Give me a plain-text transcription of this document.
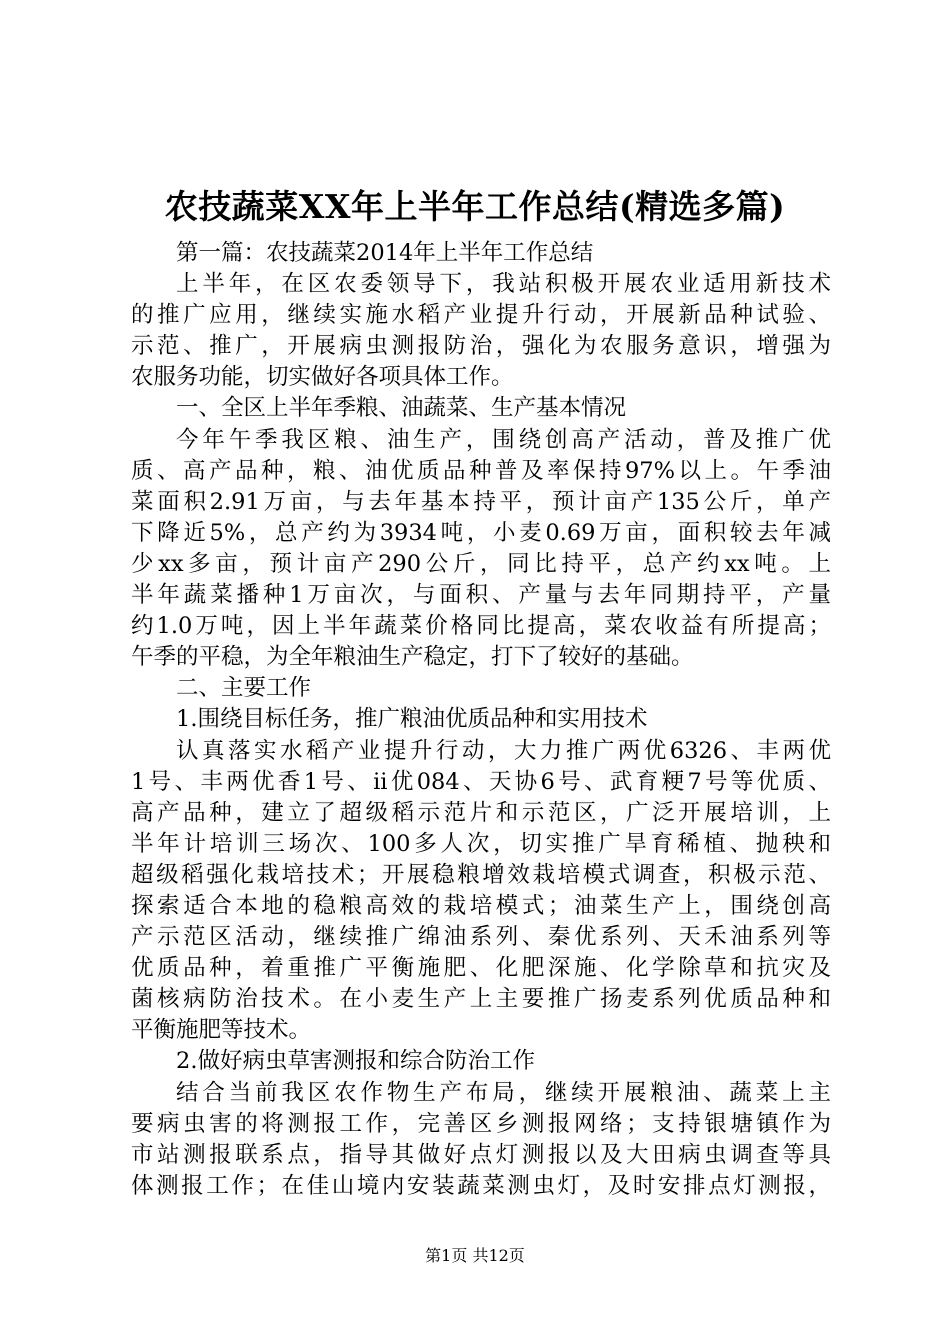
农技蔬菜XX年上半年工作总结(精选多篇)
第一篇：农技蔬菜2014年上半年工作总结
上半年，在区农委领导下，我站积极开展农业适用新技术
的推广应用，继续实施水稻产业提升行动，开展新品种试验、
示范、推广，开展病虫测报防治，强化为农服务意识，增强为
农服务功能，切实做好各项具体工作。
一、全区上半年季粮、油蔬菜、生产基本情况
今年午季我区粮、油生产，围绕创高产活动，普及推广优
质、高产品种，粮、油优质品种普及率保持97%以上。午季油
菜面积2.91万亩，与去年基本持平，预计亩产135公斤，单产
下降近5%，总产约为3934吨，小麦0.69万亩，面积较去年减
少xx多亩，预计亩产290公斤，同比持平，总产约xx吨。上
半年蔬菜播种1万亩次，与面积、产量与去年同期持平，产量
约1.0万吨，因上半年蔬菜价格同比提高，菜农收益有所提高；
午季的平稳，为全年粮油生产稳定，打下了较好的基础。
二、主要工作
1.围绕目标任务，推广粮油优质品种和实用技术
认真落实水稻产业提升行动，大力推广两优6326、丰两优
1号、丰两优香1号、ii优084、天协6号、武育粳7号等优质、
高产品种，建立了超级稻示范片和示范区，广泛开展培训，上
半年计培训三场次、100多人次，切实推广旱育稀植、抛秧和
超级稻强化栽培技术；开展稳粮增效栽培模式调查，积极示范、
探索适合本地的稳粮高效的栽培模式；油菜生产上，围绕创高
产示范区活动，继续推广绵油系列、秦优系列、天禾油系列等
优质品种，着重推广平衡施肥、化肥深施、化学除草和抗灾及
菌核病防治技术。在小麦生产上主要推广扬麦系列优质品种和
平衡施肥等技术。
2.做好病虫草害测报和综合防治工作
结合当前我区农作物生产布局，继续开展粮油、蔬菜上主
要病虫害的将测报工作，完善区乡测报网络；支持银塘镇作为
市站测报联系点，指导其做好点灯测报以及大田病虫调查等具
体测报工作；在佳山境内安装蔬菜测虫灯，及时安排点灯测报，
第1页 共12页
